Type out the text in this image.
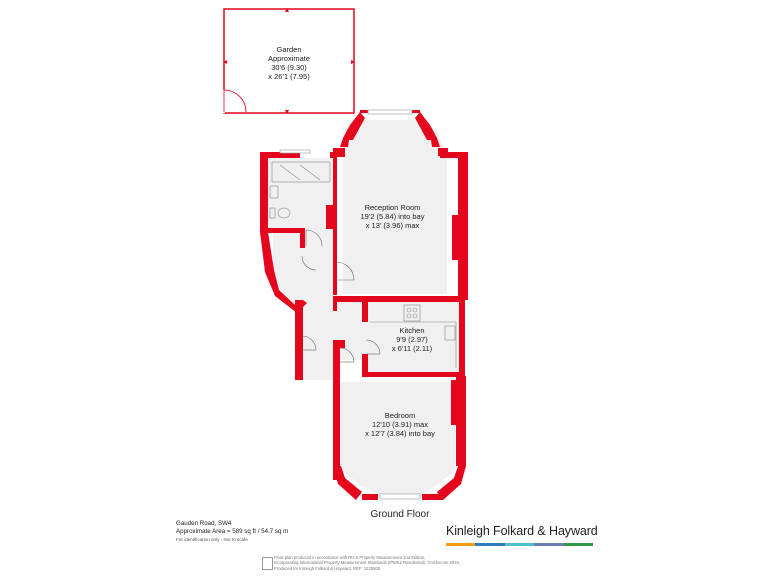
Garden
Approximate
30'6 (9.30)
x 26'1 (7.95)
Reception Room
19'2 (5.84) into bay
x 13' (3.96) max
Kitchen
9'9 (2.97)
x 6'11 (2.11)
Bedroom
12'10 (3.91) max
x 12'7 (3.84) into bay
Ground Floor
Gauden Road, SW4
Approximate Area = 589 sq ft / 54.7 sq m
For identification only - Not to scale
Kinleigh Folkard & Hayward
Floor plan produced in accordance with RICS Property Measurement 2nd Edition,
Incorporating International Property Measurement Standards (IPMS2 Residential). ©nichecom 2024.
Produced for Kinleigh Folkard & Hayward. REF: 1225905
